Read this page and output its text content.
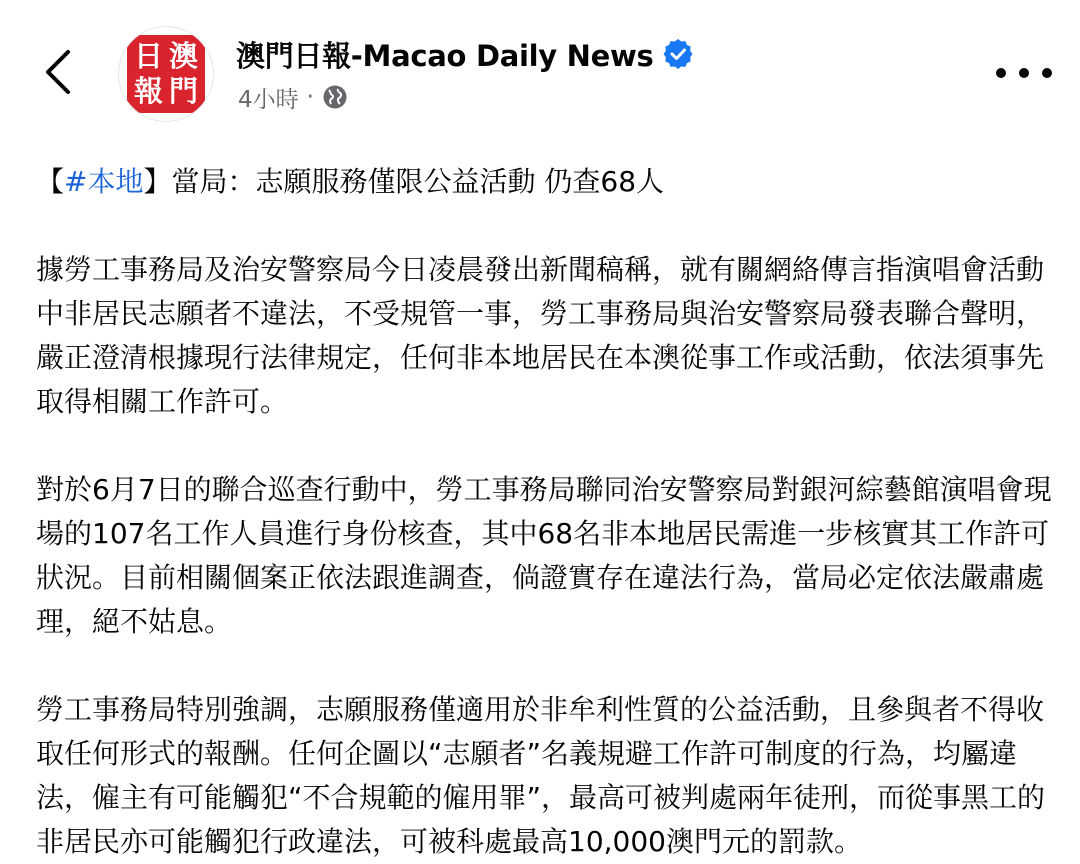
日 澳
報 門
澳門日報-Macao Daily News
4小時 ·

【#本地】當局：志願服務僅限公益活動 仍查68人

據勞工事務局及治安警察局今日凌晨發出新聞稿稱，就有關網絡傳言指演唱會活動中非居民志願者不違法，不受規管一事，勞工事務局與治安警察局發表聯合聲明，嚴正澄清根據現行法律規定，任何非本地居民在本澳從事工作或活動，依法須事先取得相關工作許可。

對於6月7日的聯合巡查行動中，勞工事務局聯同治安警察局對銀河綜藝館演唱會現場的107名工作人員進行身份核查，其中68名非本地居民需進一步核實其工作許可狀況。目前相關個案正依法跟進調查，倘證實存在違法行為，當局必定依法嚴肅處理，絕不姑息。

勞工事務局特別強調，志願服務僅適用於非牟利性質的公益活動，且參與者不得收取任何形式的報酬。任何企圖以“志願者”名義規避工作許可制度的行為，均屬違法，僱主有可能觸犯“不合規範的僱用罪”，最高可被判處兩年徒刑，而從事黑工的非居民亦可能觸犯行政違法，可被科處最高10,000澳門元的罰款。
